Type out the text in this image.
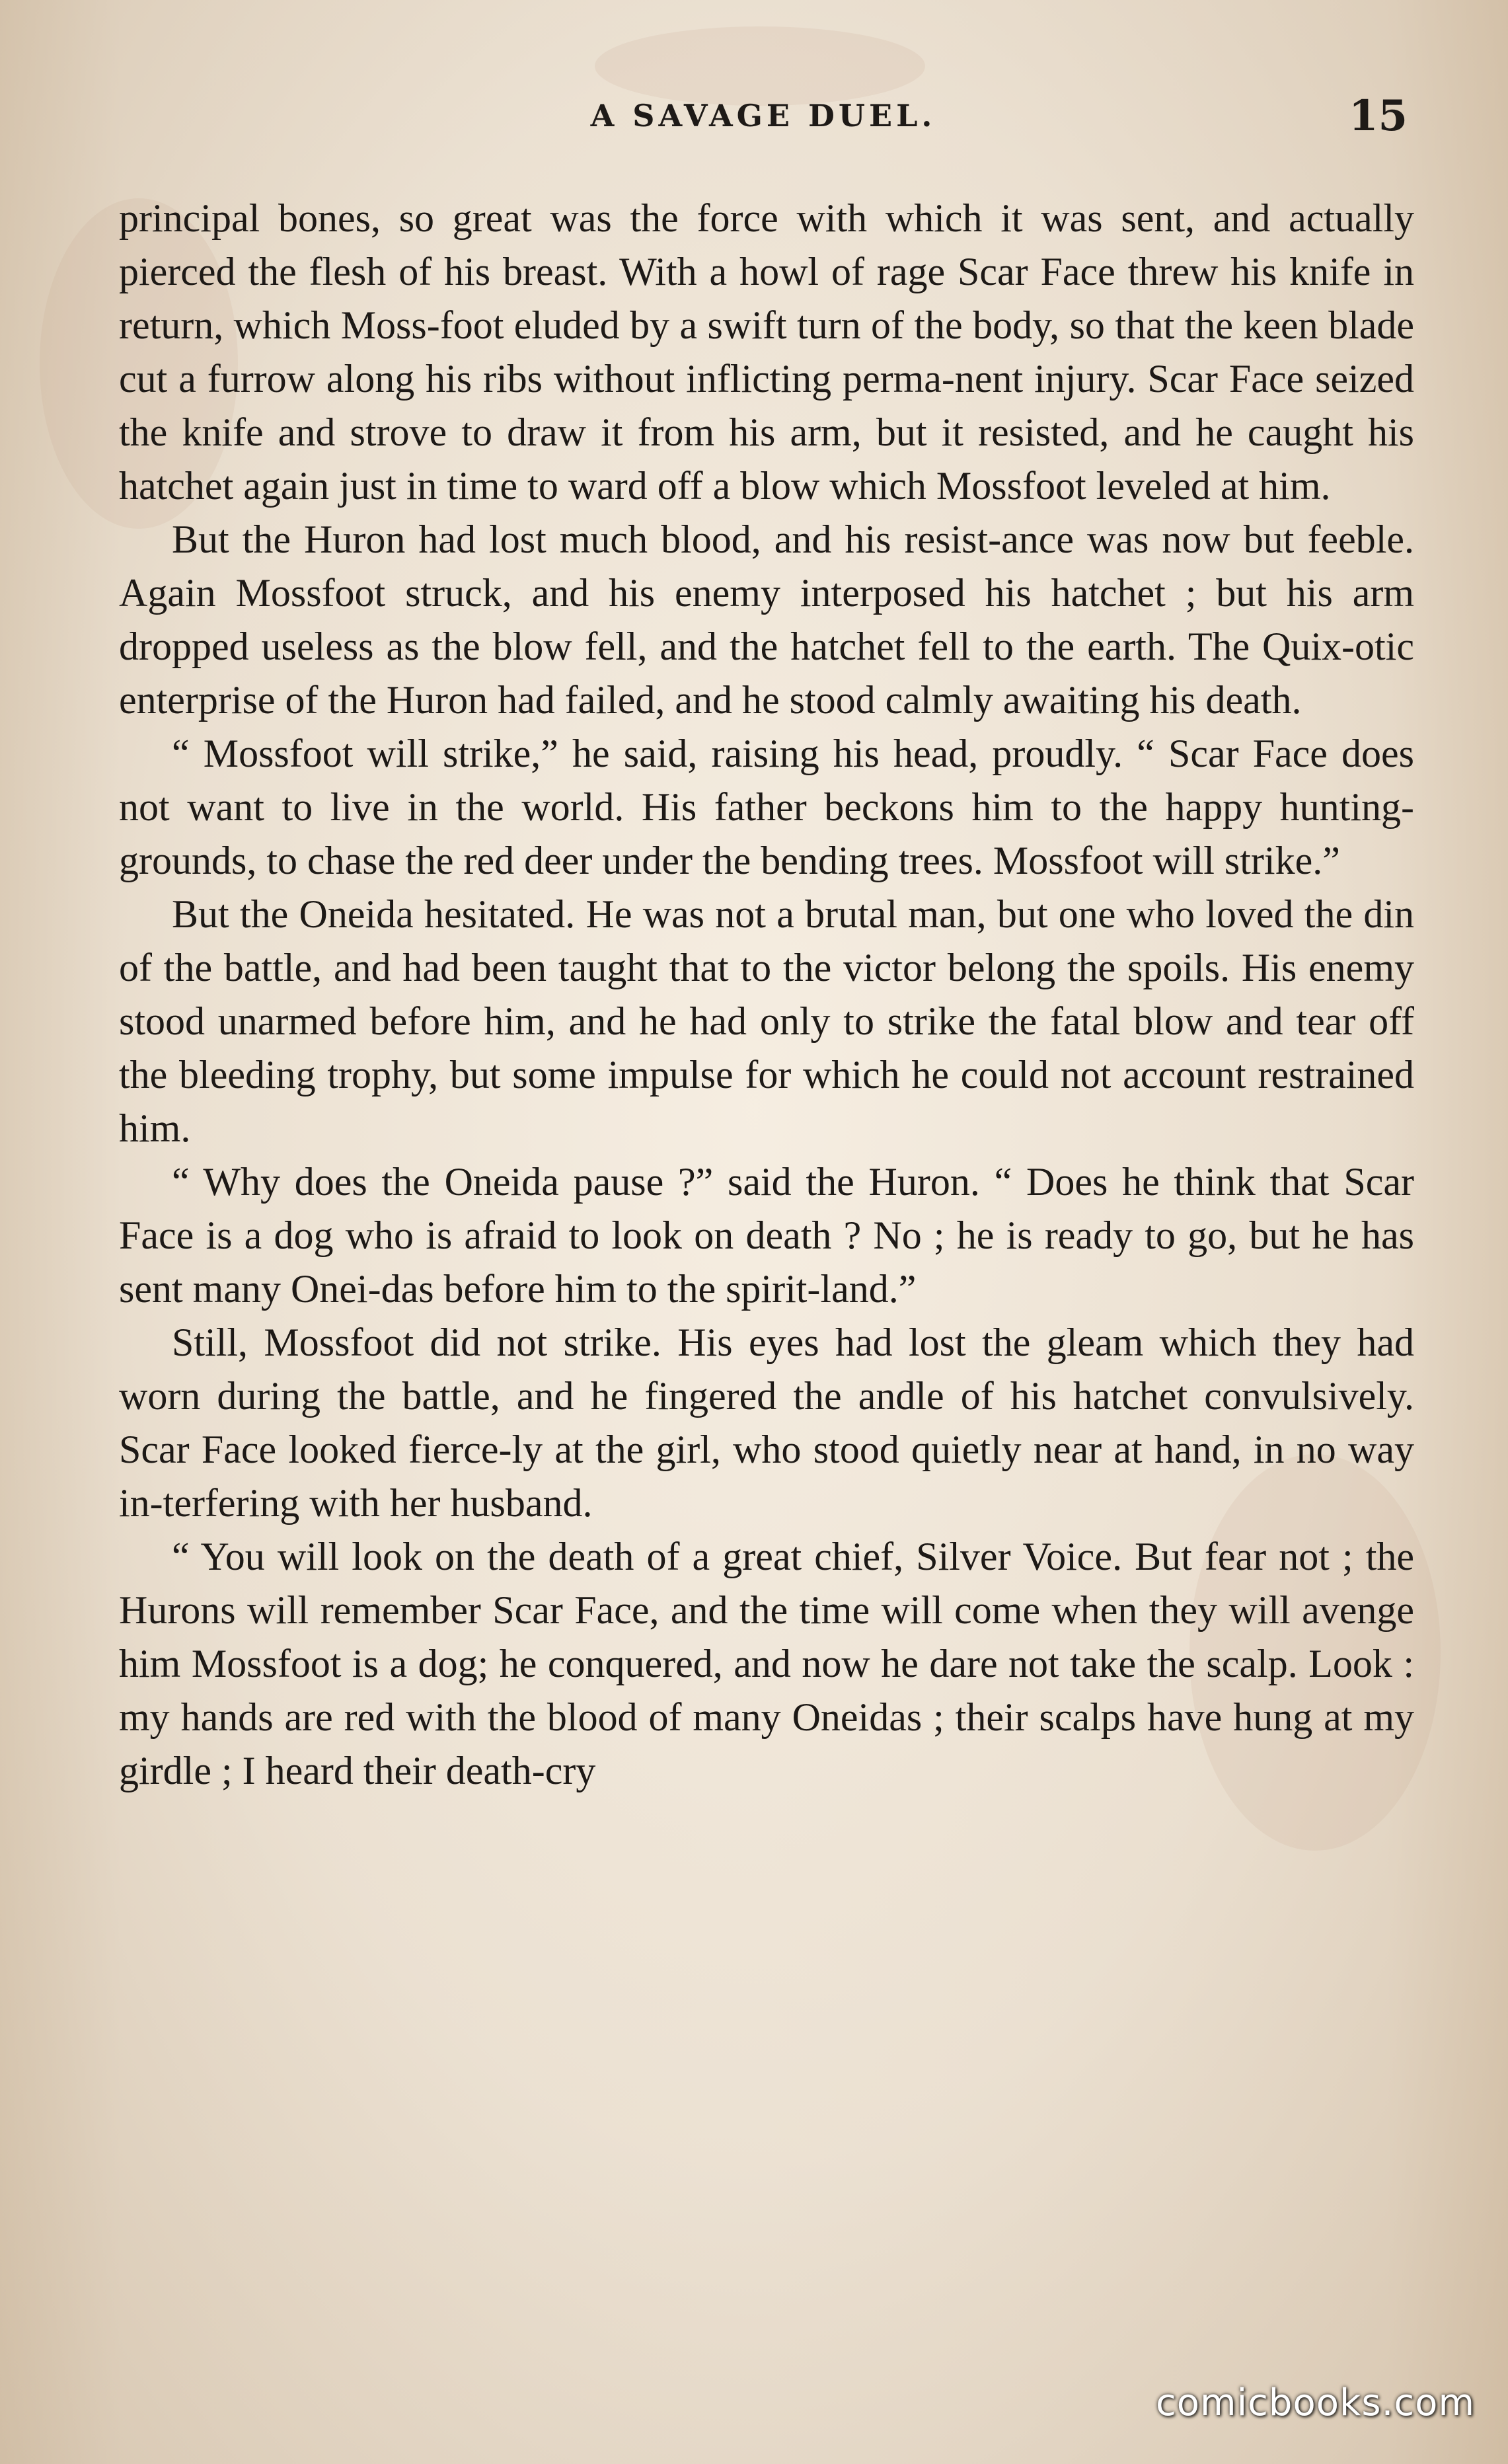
A SAVAGE DUEL.	15

principal bones, so great was the force with which it was sent, and actually pierced the flesh of his breast. With a howl of rage Scar Face threw his knife in return, which Moss-foot eluded by a swift turn of the body, so that the keen blade cut a furrow along his ribs without inflicting perma-nent injury. Scar Face seized the knife and strove to draw it from his arm, but it resisted, and he caught his hatchet again just in time to ward off a blow which Mossfoot leveled at him.

But the Huron had lost much blood, and his resist-ance was now but feeble. Again Mossfoot struck, and his enemy interposed his hatchet ; but his arm dropped useless as the blow fell, and the hatchet fell to the earth. The Quix-otic enterprise of the Huron had failed, and he stood calmly awaiting his death.

“ Mossfoot will strike,” he said, raising his head, proudly. “ Scar Face does not want to live in the world. His father beckons him to the happy hunting-grounds, to chase the red deer under the bending trees. Mossfoot will strike.”

But the Oneida hesitated. He was not a brutal man, but one who loved the din of the battle, and had been taught that to the victor belong the spoils. His enemy stood unarmed before him, and he had only to strike the fatal blow and tear off the bleeding trophy, but some impulse for which he could not account restrained him.

“ Why does the Oneida pause ?” said the Huron. “ Does he think that Scar Face is a dog who is afraid to look on death ? No ; he is ready to go, but he has sent many Onei-das before him to the spirit-land.”

Still, Mossfoot did not strike. His eyes had lost the gleam which they had worn during the battle, and he fingered the andle of his hatchet convulsively. Scar Face looked fierce-ly at the girl, who stood quietly near at hand, in no way in-terfering with her husband.

“ You will look on the death of a great chief, Silver Voice. But fear not ; the Hurons will remember Scar Face, and the time will come when they will avenge him Mossfoot is a dog; he conquered, and now he dare not take the scalp. Look : my hands are red with the blood of many Oneidas ; their scalps have hung at my girdle ; I heard their death-cry

comicbooks.com
